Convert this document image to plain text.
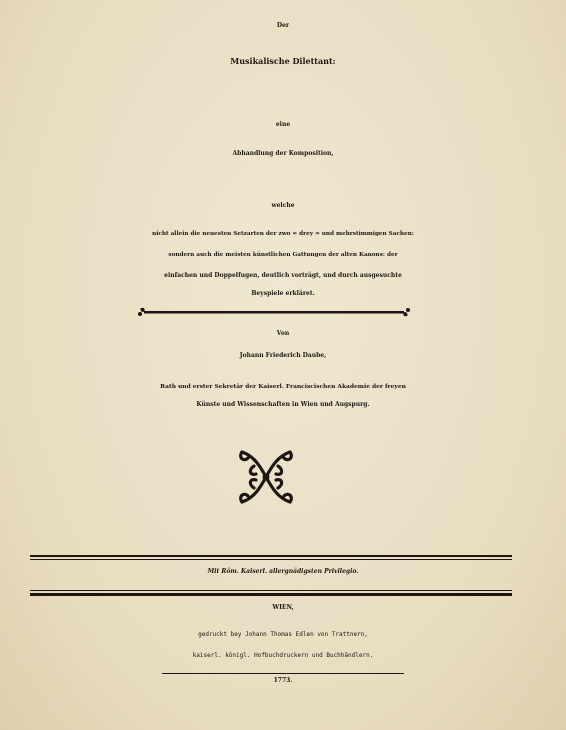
Der
Musikalische Dilettant:
eine
Abhandlung der Komposition,
welche
nicht allein die neuesten Setzarten der zwo = drey = und mehrstimmigen Sachen:
sondern auch die meisten künstlichen Gattungen der alten Kanons: der
einfachen und Doppelfugen, deutlich vorträgt, und durch ausgesuchte
Beyspiele erkläret.
Von
Johann Friederich Daube,
Rath und erster Sekretär der Kaiserl. Franciscischen Akademie der freyen
Künste und Wissenschaften in Wien und Augspurg.
Mit Röm. Kaiserl. allergnädigsten Privilegio.
WIEN,
gedruckt bey Johann Thomas Edlen von Trattnern,
kaiserl. königl. Hofbuchdruckern und Buchhändlern.
1773.
